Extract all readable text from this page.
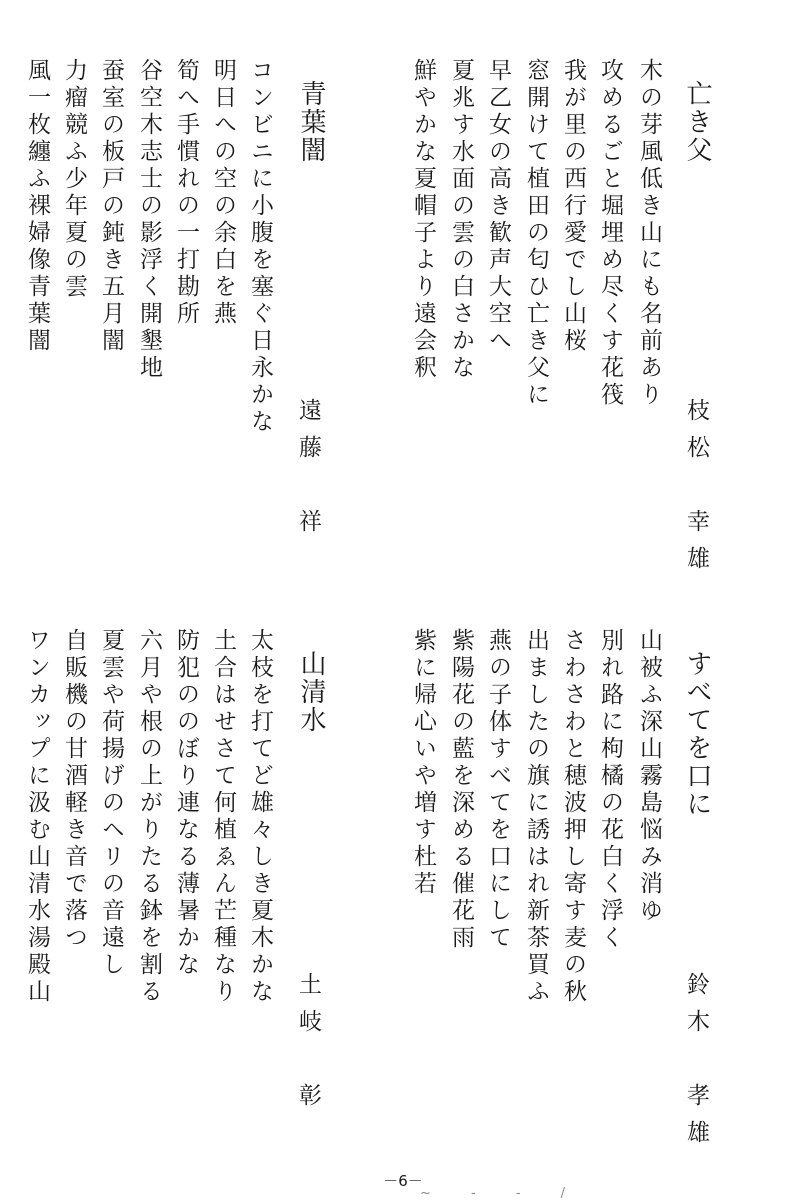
亡き父
枝松　幸雄
木の芽風低き山にも名前あり
攻めるごと堀埋め尽くす花筏
我が里の西行愛でし山桜
窓開けて植田の匂ひ亡き父に
早乙女の高き歓声大空へ
夏兆す水面の雲の白さかな
鮮やかな夏帽子より遠会釈
青葉闇
遠藤　祥
コンビニに小腹を塞ぐ日永かな
明日への空の余白を燕
筍へ手慣れの一打勘所
谷空木志士の影浮く開墾地
蚕室の板戸の鈍き五月闇
力瘤競ふ少年夏の雲
風一枚纏ふ裸婦像青葉闇
すべてを口に
鈴木　孝雄
山被ふ深山霧島悩み消ゆ
別れ路に枸橘の花白く浮く
さわさわと穂波押し寄す麦の秋
出ましたの旗に誘はれ新茶買ふ
燕の子体すべてを口にして
紫陽花の藍を深める催花雨
紫に帰心いや増す杜若
山清水
土岐　彰
太枝を打てど雄々しき夏木かな
土合はせさて何植ゑん芒種なり
防犯ののぼり連なる薄暑かな
六月や根の上がりたる鉢を割る
夏雲や荷揚げのヘリの音遠し
自販機の甘酒軽き音で落つ
ワンカップに汲む山清水湯殿山
－6－
~ - - /
